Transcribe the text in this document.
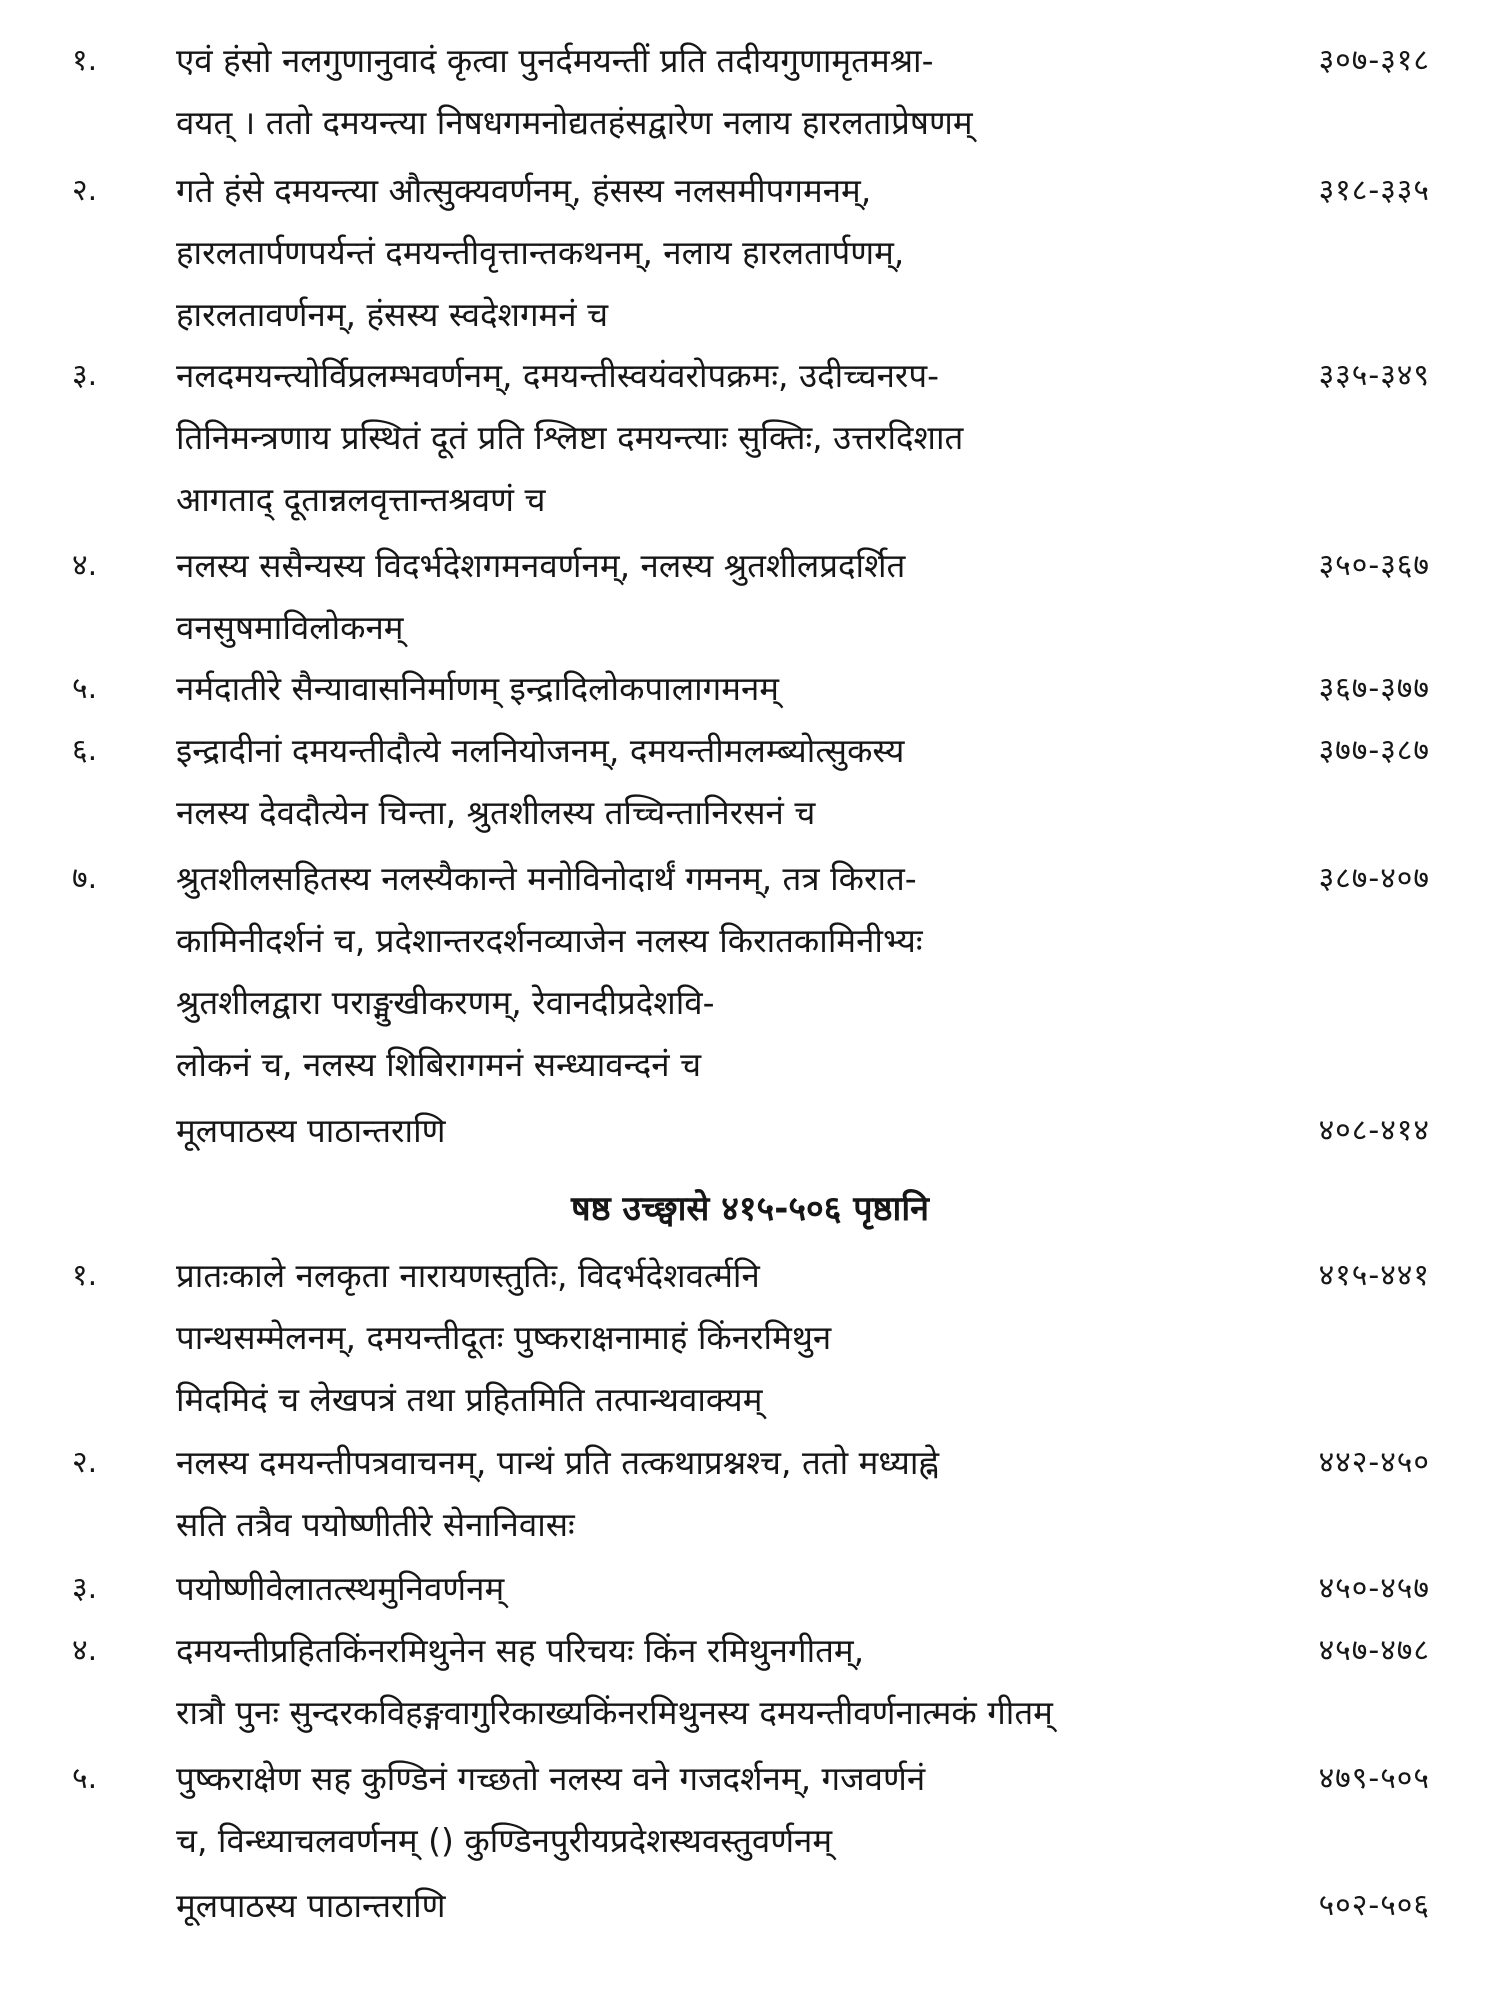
१. एवं हंसो नलगुणानुवादं कृत्वा पुनर्दमयन्तीं प्रति तदीयगुणामृतमश्रा-
वयत् । ततो दमयन्त्या निषधगमनोद्यतहंसद्वारेण नलाय हारलताप्रेषणम्
३०७-३१८
२. गते हंसे दमयन्त्या औत्सुक्यवर्णनम्, हंसस्य नलसमीपगमनम्,
हारलतार्पणपर्यन्तं दमयन्तीवृत्तान्तकथनम्, नलाय हारलतार्पणम्,
हारलतावर्णनम्, हंसस्य स्वदेशगमनं च
३१८-३३५
३. नलदमयन्त्योर्विप्रलम्भवर्णनम्, दमयन्तीस्वयंवरोपक्रमः, उदीच्चनरप-
तिनिमन्त्रणाय प्रस्थितं दूतं प्रति श्लिष्टा दमयन्त्याः सुक्तिः, उत्तरदिशात
आगताद् दूतान्नलवृत्तान्तश्रवणं च
३३५-३४९
४. नलस्य ससैन्यस्य विदर्भदेशगमनवर्णनम्, नलस्य श्रुतशीलप्रदर्शित
वनसुषमाविलोकनम्
३५०-३६७
५. नर्मदातीरे सैन्यावासनिर्माणम् इन्द्रादिलोकपालागमनम्	३६७-३७७
६. इन्द्रादीनां दमयन्तीदौत्ये नलनियोजनम्, दमयन्तीमलम्ब्योत्सुकस्य
नलस्य देवदौत्येन चिन्ता, श्रुतशीलस्य तच्चिन्तानिरसनं च
३७७-३८७
७. श्रुतशीलसहितस्य नलस्यैकान्ते मनोविनोदार्थं गमनम्, तत्र किरात-
कामिनीदर्शनं च, प्रदेशान्तरदर्शनव्याजेन नलस्य किरातकामिनीभ्यः
श्रुतशीलद्वारा पराङ्मुखीकरणम्, रेवानदीप्रदेशवि-
लोकनं च, नलस्य शिबिरागमनं सन्ध्यावन्दनं च
३८७-४०७
मूलपाठस्य पाठान्तराणि	४०८-४१४
षष्ठ उच्छ्वासे ४१५-५०६ पृष्ठानि
१. प्रातःकाले नलकृता नारायणस्तुतिः, विदर्भदेशवर्त्मनि
पान्थसम्मेलनम्, दमयन्तीदूतः पुष्कराक्षनामाहं किंनरमिथुन
मिदमिदं च लेखपत्रं तथा प्रहितमिति तत्पान्थवाक्यम्
४१५-४४१
२. नलस्य दमयन्तीपत्रवाचनम्, पान्थं प्रति तत्कथाप्रश्नश्च, ततो मध्याह्ने
सति तत्रैव पयोष्णीतीरे सेनानिवासः
४४२-४५०
३. पयोष्णीवेलातत्स्थमुनिवर्णनम्	४५०-४५७
४. दमयन्तीप्रहितकिंनरमिथुनेन सह परिचयः किंन रमिथुनगीतम्,
रात्रौ पुनः सुन्दरकविहङ्गवागुरिकाख्यकिंनरमिथुनस्य दमयन्तीवर्णनात्मकं गीतम्
४५७-४७८
५. पुष्कराक्षेण सह कुण्डिनं गच्छतो नलस्य वने गजदर्शनम्, गजवर्णनं
च, विन्ध्याचलवर्णनम् () कुण्डिनपुरीयप्रदेशस्थवस्तुवर्णनम्
४७९-५०५
मूलपाठस्य पाठान्तराणि	५०२-५०६
